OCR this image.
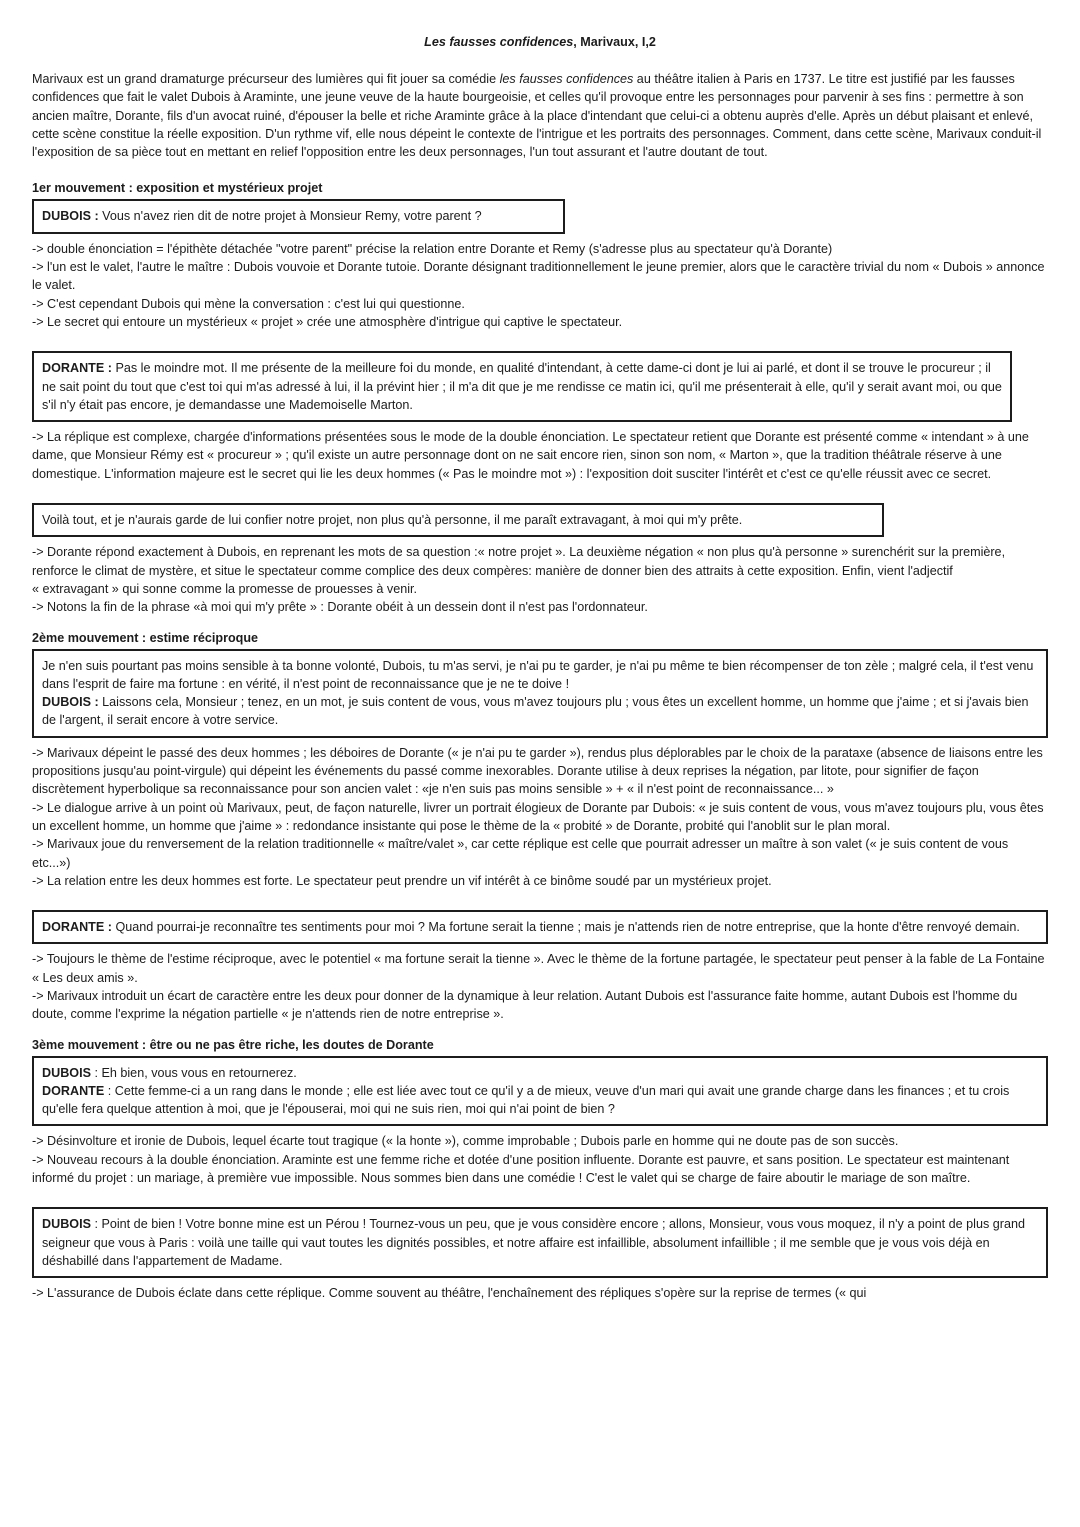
Les fausses confidences, Marivaux, I,2

Marivaux est un grand dramaturge précurseur des lumières qui fit jouer sa comédie les fausses confidences au théâtre italien à Paris en 1737. Le titre est justifié par les fausses confidences que fait le valet Dubois à Araminte, une jeune veuve de la haute bourgeoisie, et celles qu'il provoque entre les personnages pour parvenir à ses fins : permettre à son ancien maître, Dorante, fils d'un avocat ruiné, d'épouser la belle et riche Araminte grâce à la place d'intendant que celui-ci a obtenu auprès d'elle. Après un début plaisant et enlevé, cette scène constitue la réelle exposition. D'un rythme vif, elle nous dépeint le contexte de l'intrigue et les portraits des personnages. Comment, dans cette scène, Marivaux conduit-il l'exposition de sa pièce tout en mettant en relief l'opposition entre les deux personnages, l'un tout assurant et l'autre doutant de tout.

1er mouvement : exposition et mystérieux projet
DUBOIS : Vous n'avez rien dit de notre projet à Monsieur Remy, votre parent ?

-> double énonciation = l'épithète détachée "votre parent" précise la relation entre Dorante et Remy (s'adresse plus au spectateur qu'à Dorante)

-> l'un est le valet, l'autre le maître : Dubois vouvoie et Dorante tutoie. Dorante désignant traditionnellement le jeune premier, alors que le caractère trivial du nom « Dubois » annonce le valet.

-> C'est cependant Dubois qui mène la conversation : c'est lui qui questionne.

-> Le secret qui entoure un mystérieux « projet » crée une atmosphère d'intrigue qui captive le spectateur.

DORANTE : Pas le moindre mot. Il me présente de la meilleure foi du monde, en qualité d'intendant, à cette dame-ci dont je lui ai parlé, et dont il se trouve le procureur ; il ne sait point du tout que c'est toi qui m'as adressé à lui, il la prévint hier ; il m'a dit que je me rendisse ce matin ici, qu'il me présenterait à elle, qu'il y serait avant moi, ou que s'il n'y était pas encore, je demandasse une Mademoiselle Marton.

-> La réplique est complexe, chargée d'informations présentées sous le mode de la double énonciation. Le spectateur retient que Dorante est présenté comme « intendant » à une dame, que Monsieur Rémy est « procureur » ; qu'il existe un autre personnage dont on ne sait encore rien, sinon son nom, « Marton », que la tradition théâtrale réserve à une domestique. L'information majeure est le secret qui lie les deux hommes (« Pas le moindre mot ») : l'exposition doit susciter l'intérêt et c'est ce qu'elle réussit avec ce secret.

Voilà tout, et je n'aurais garde de lui confier notre projet, non plus qu'à personne, il me paraît extravagant, à moi qui m'y prête.

-> Dorante répond exactement à Dubois, en reprenant les mots de sa question :« notre projet ». La deuxième négation « non plus qu'à personne » surenchérit sur la première, renforce le climat de mystère, et situe le spectateur comme complice des deux compères: manière de donner bien des attraits à cette exposition. Enfin, vient l'adjectif

« extravagant » qui sonne comme la promesse de prouesses à venir.

-> Notons la fin de la phrase «à moi qui m'y prête » : Dorante obéit à un dessein dont il n'est pas l'ordonnateur.

2ème mouvement : estime réciproque

Je n'en suis pourtant pas moins sensible à ta bonne volonté, Dubois, tu m'as servi, je n'ai pu te garder, je n'ai pu même te bien récompenser de ton zèle ; malgré cela, il t'est venu dans l'esprit de faire ma fortune : en vérité, il n'est point de reconnaissance que je ne te doive !

DUBOIS : Laissons cela, Monsieur ; tenez, en un mot, je suis content de vous, vous m'avez toujours plu ; vous êtes un excellent homme, un homme que j'aime ; et si j'avais bien de l'argent, il serait encore à votre service.

-> Marivaux dépeint le passé des deux hommes ; les déboires de Dorante (« je n'ai pu te garder »), rendus plus déplorables par le choix de la parataxe (absence de liaisons entre les propositions jusqu'au point-virgule) qui dépeint les événements du passé comme inexorables. Dorante utilise à deux reprises la négation, par litote, pour signifier de façon discrètement hyperbolique sa reconnaissance pour son ancien valet : «je n'en suis pas moins sensible » + « il n'est point de reconnaissance... »

-> Le dialogue arrive à un point où Marivaux, peut, de façon naturelle, livrer un portrait élogieux de Dorante par Dubois: « je suis content de vous, vous m'avez toujours plu, vous êtes un excellent homme, un homme que j'aime » : redondance insistante qui pose le thème de la « probité » de Dorante, probité qui l'anoblit sur le plan moral.

-> Marivaux joue du renversement de la relation traditionnelle « maître/valet », car cette réplique est celle que pourrait adresser un maître à son valet (« je suis content de vous etc...»)

-> La relation entre les deux hommes est forte. Le spectateur peut prendre un vif intérêt à ce binôme soudé par un mystérieux projet.

DORANTE : Quand pourrai-je reconnaître tes sentiments pour moi ? Ma fortune serait la tienne ; mais je n'attends rien de notre entreprise, que la honte d'être renvoyé demain.

-> Toujours le thème de l'estime réciproque, avec le potentiel « ma fortune serait la tienne ». Avec le thème de la fortune partagée, le spectateur peut penser à la fable de La Fontaine « Les deux amis ».

-> Marivaux introduit un écart de caractère entre les deux pour donner de la dynamique à leur relation. Autant Dubois est l'assurance faite homme, autant Dubois est l'homme du doute, comme l'exprime la négation partielle « je n'attends rien de notre entreprise ».

3ème mouvement : être ou ne pas être riche, les doutes de Dorante

DUBOIS : Eh bien, vous vous en retournerez.

DORANTE : Cette femme-ci a un rang dans le monde ; elle est liée avec tout ce qu'il y a de mieux, veuve d'un mari qui avait une grande charge dans les finances ; et tu crois qu'elle fera quelque attention à moi, que je l'épouserai, moi qui ne suis rien, moi qui n'ai point de bien ?

-> Désinvolture et ironie de Dubois, lequel écarte tout tragique (« la honte »), comme improbable ; Dubois parle en homme qui ne doute pas de son succès.

-> Nouveau recours à la double énonciation. Araminte est une femme riche et dotée d'une position influente. Dorante est pauvre, et sans position. Le spectateur est maintenant informé du projet : un mariage, à première vue impossible. Nous sommes bien dans une comédie ! C'est le valet qui se charge de faire aboutir le mariage de son maître.

DUBOIS : Point de bien ! Votre bonne mine est un Pérou ! Tournez-vous un peu, que je vous considère encore ; allons, Monsieur, vous vous moquez, il n'y a point de plus grand seigneur que vous à Paris : voilà une taille qui vaut toutes les dignités possibles, et notre affaire est infaillible, absolument infaillible ; il me semble que je vous vois déjà en déshabillé dans l'appartement de Madame.

-> L'assurance de Dubois éclate dans cette réplique. Comme souvent au théâtre, l'enchaînement des répliques s'opère sur la reprise de termes (« qui
